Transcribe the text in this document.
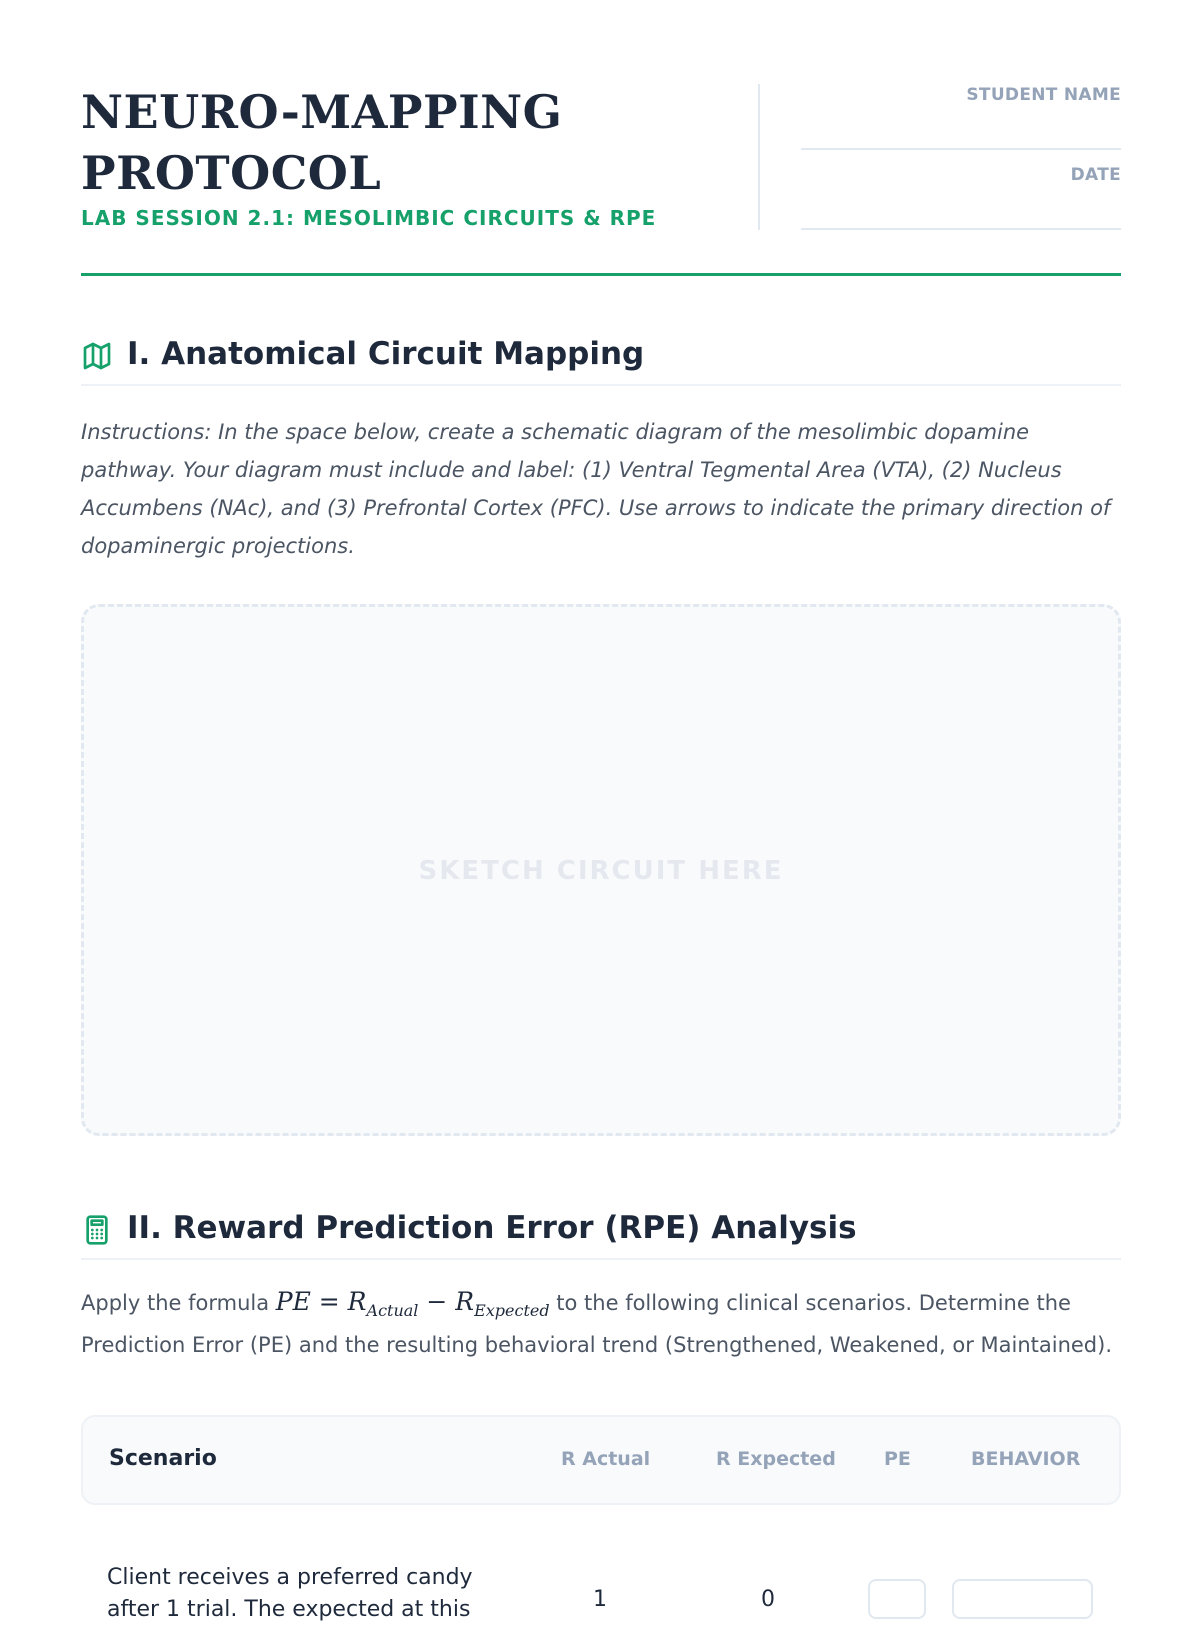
NEURO-MAPPING
PROTOCOL
LAB SESSION 2.1: MESOLIMBIC CIRCUITS & RPE
STUDENT NAME
DATE
I. Anatomical Circuit Mapping
Instructions: In the space below, create a schematic diagram of the mesolimbic dopamine pathway. Your diagram must include and label: (1) Ventral Tegmental Area (VTA), (2) Nucleus Accumbens (NAc), and (3) Prefrontal Cortex (PFC). Use arrows to indicate the primary direction of dopaminergic projections.
SKETCH CIRCUIT HERE
II. Reward Prediction Error (RPE) Analysis
Apply the formula PE = $R_{Actual} - R_{Expected}$ to the following clinical scenarios. Determine the Prediction Error (PE) and the resulting behavioral trend (Strengthened, Weakened, or Maintained).
Scenario	R Actual	R Expected	PE	BEHAVIOR
Client receives a preferred candy after 1 trial. The expected at this	1	0
